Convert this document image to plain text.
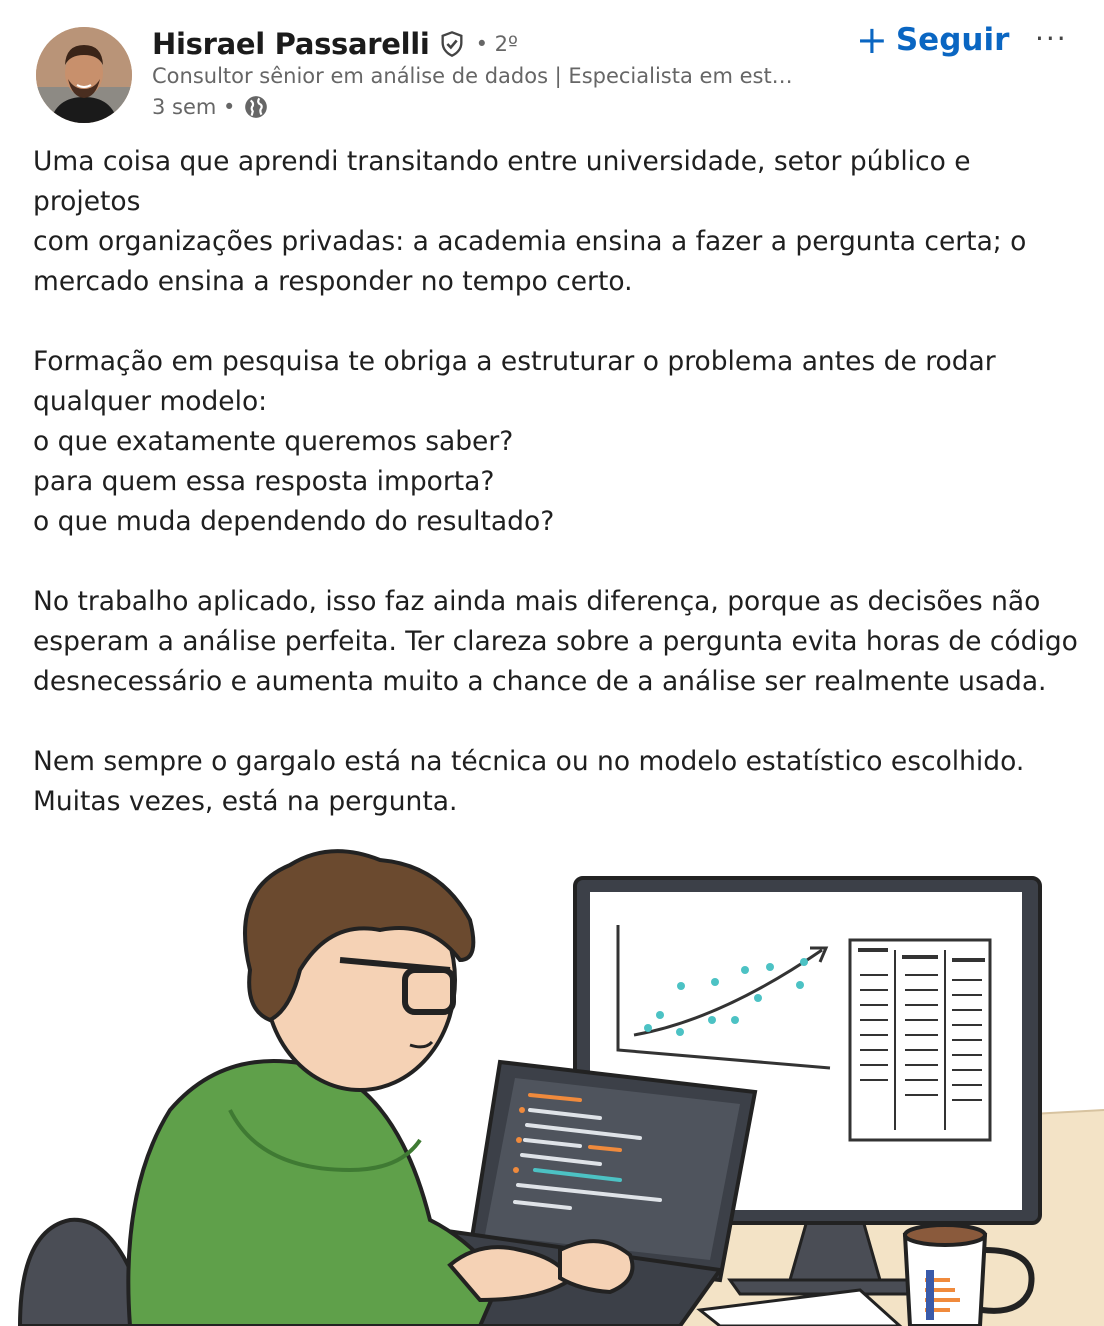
Hisrael Passarelli • 2º
Consultor sênior em análise de dados | Especialista em est…
3 sem •
+ Seguir ···

Uma coisa que aprendi transitando entre universidade, setor público e projetos
com organizações privadas: a academia ensina a fazer a pergunta certa; o
mercado ensina a responder no tempo certo.

Formação em pesquisa te obriga a estruturar o problema antes de rodar
qualquer modelo:
o que exatamente queremos saber?
para quem essa resposta importa?
o que muda dependendo do resultado?

No trabalho aplicado, isso faz ainda mais diferença, porque as decisões não
esperam a análise perfeita. Ter clareza sobre a pergunta evita horas de código
desnecessário e aumenta muito a chance de a análise ser realmente usada.

Nem sempre o gargalo está na técnica ou no modelo estatístico escolhido.
Muitas vezes, está na pergunta.
